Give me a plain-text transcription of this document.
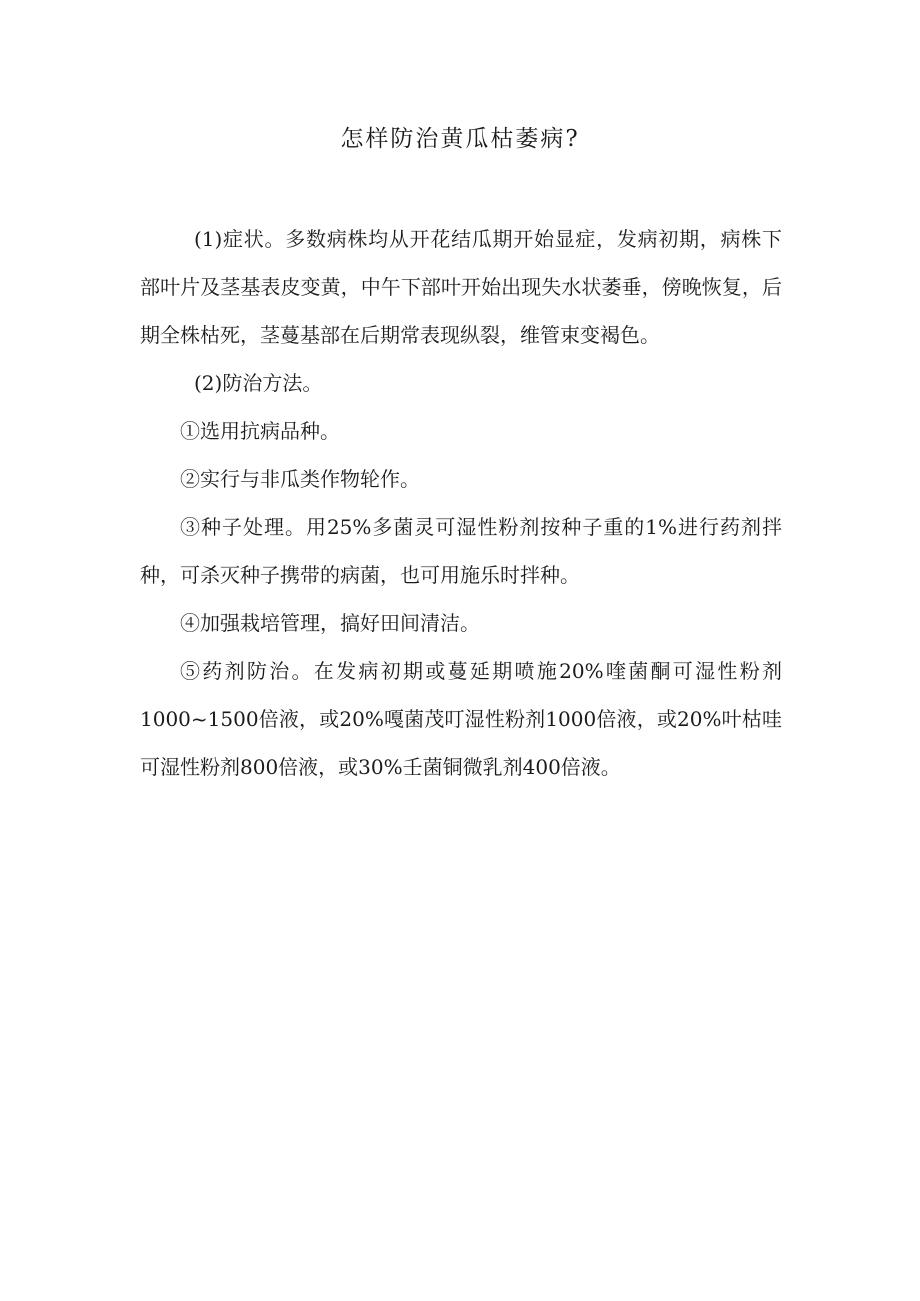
怎样防治黄瓜枯萎病?

(1)症状。多数病株均从开花结瓜期开始显症，发病初期，病株下部叶片及茎基表皮变黄，中午下部叶开始出现失水状萎垂，傍晚恢复，后期全株枯死，茎蔓基部在后期常表现纵裂，维管束变褐色。

(2)防治方法。

①选用抗病品种。

②实行与非瓜类作物轮作。

③种子处理。用25%多菌灵可湿性粉剂按种子重的1%进行药剂拌种，可杀灭种子携带的病菌，也可用施乐时拌种。

④加强栽培管理，搞好田间清洁。

⑤药剂防治。在发病初期或蔓延期喷施20%喹菌酮可湿性粉剂1000~1500倍液，或20%嘎菌茂叮湿性粉剂1000倍液，或20%叶枯哇可湿性粉剂800倍液，或30%壬菌铜微乳剂400倍液。
